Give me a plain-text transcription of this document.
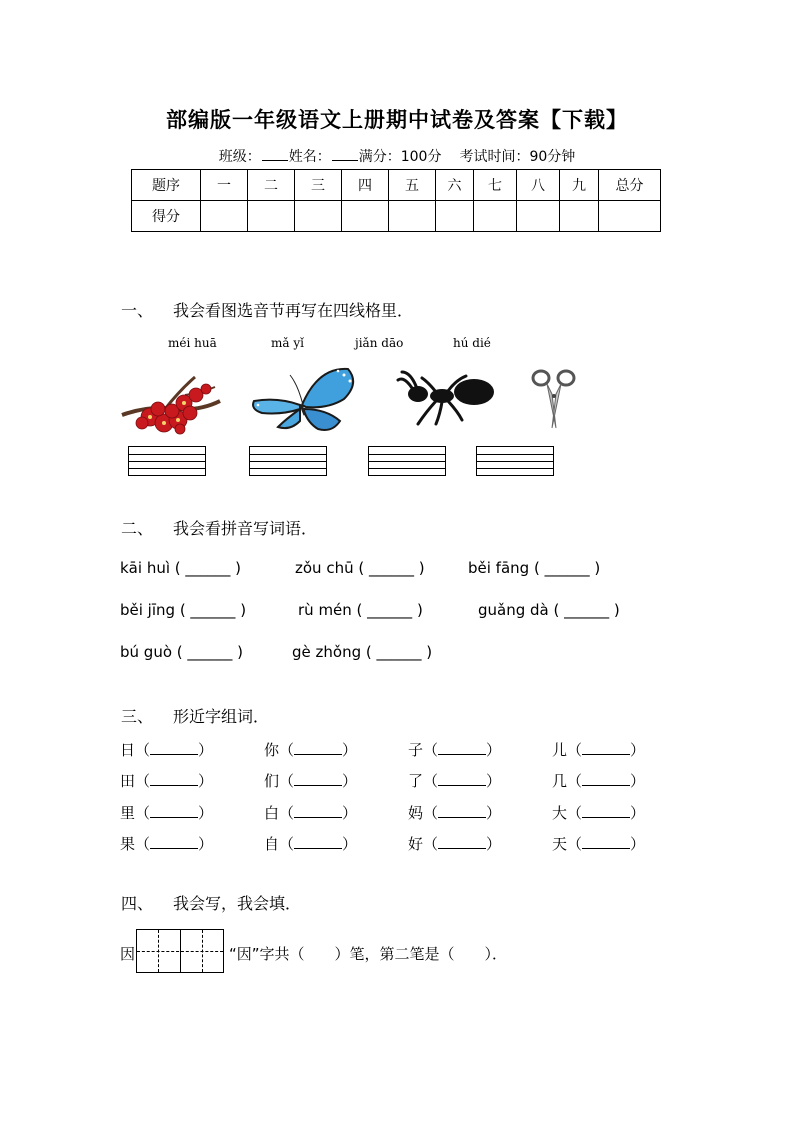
部编版一年级语文上册期中试卷及答案【下载】
班级： 姓名： 满分：100分 考试时间：90分钟
题序	一	二	三	四	五	六	七	八	九	总分
得分										
一、 我会看图选音节再写在四线格里．
méi huā	mǎ yǐ	jiǎn dāo	hú dié
二、 我会看拼音写词语．
kāi huì ( ______ )	zǒu chū ( ______ )	běi fāng ( ______ )
běi jīng ( ______ )	rù mén ( ______ )	guǎng dà ( ______ )
bú guò ( ______ )	gè zhǒng ( ______ )
三、 形近字组词．
日（	）	你（	）	子（	）	儿（	）
田（	）	们（	）	了（	）	几（	）
里（	）	白（	）	妈（	）	大（	）
果（	）	自（	）	好（	）	天（	）
四、 我会写，我会填．
因	“因”字共（　　）笔，第二笔是（　　）．
